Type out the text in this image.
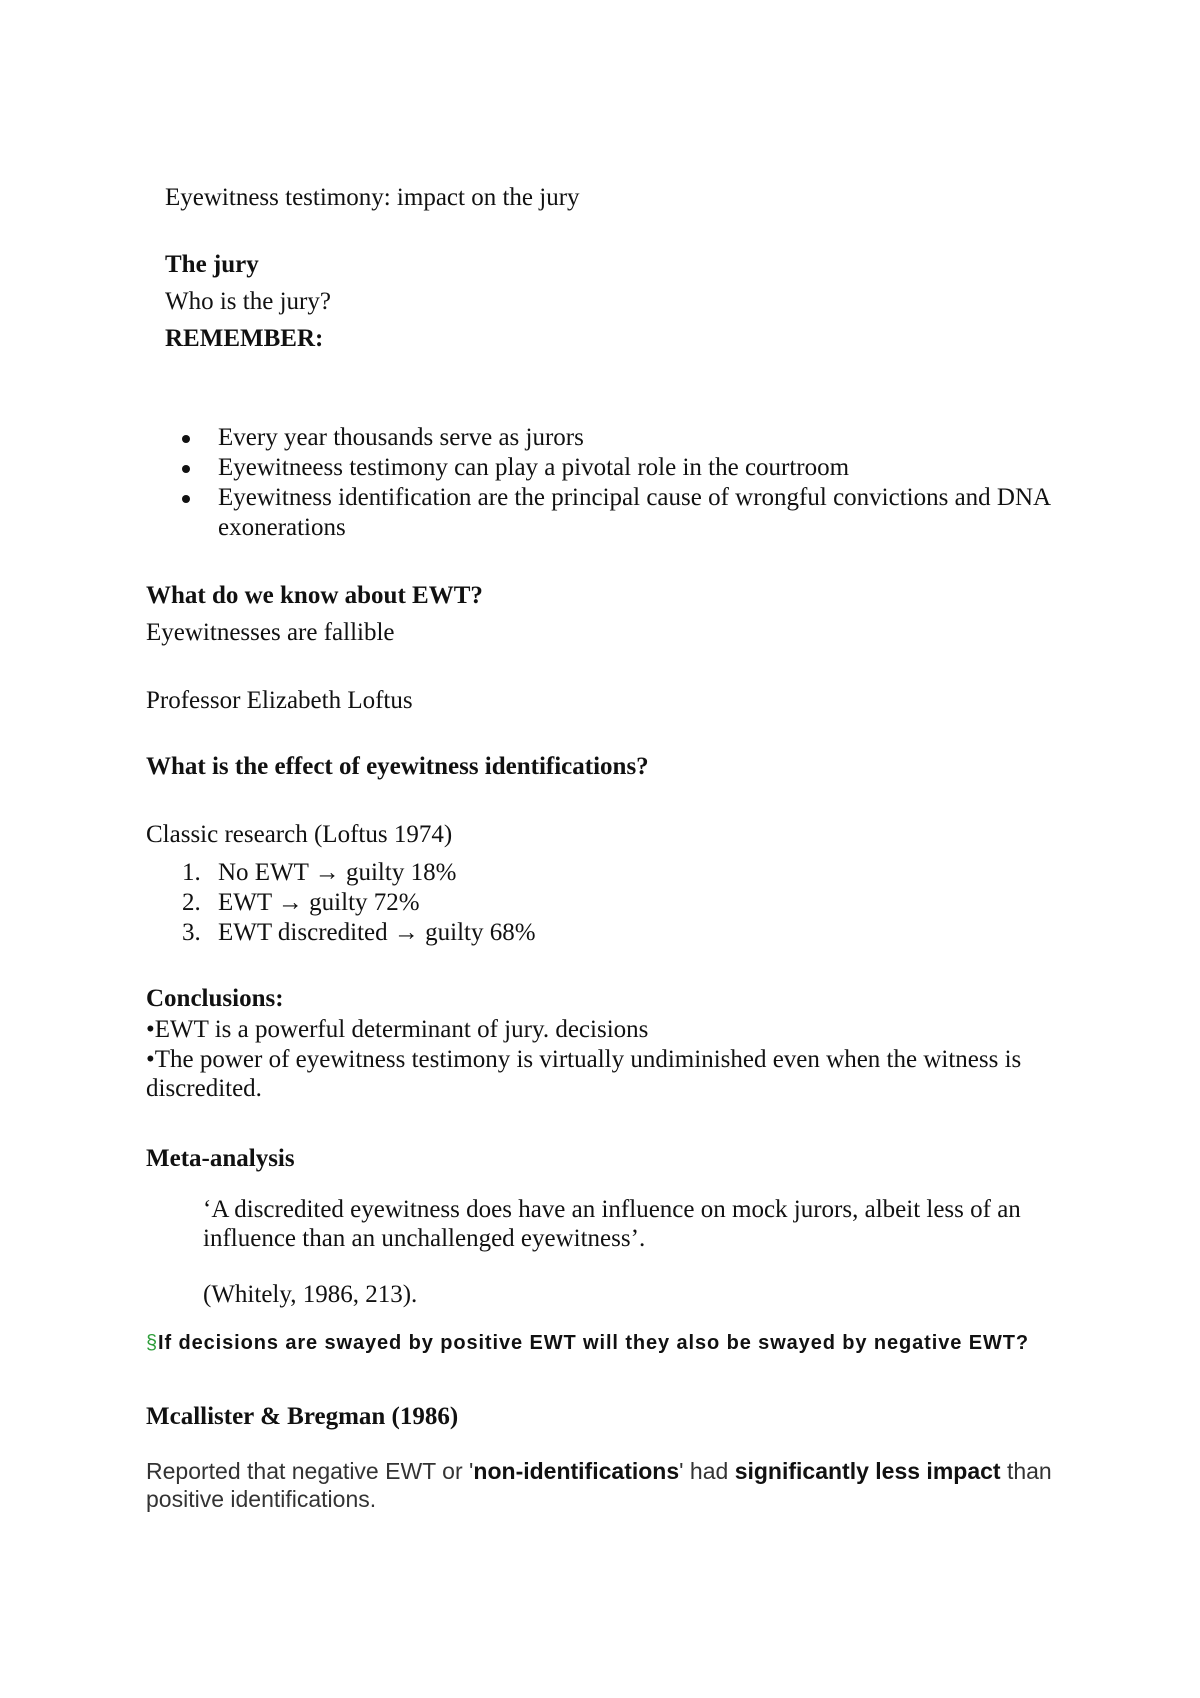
Eyewitness testimony: impact on the jury
The jury
Who is the jury?
REMEMBER:
Every year thousands serve as jurors
Eyewitneess testimony can play a pivotal role in the courtroom
Eyewitness identification are the principal cause of wrongful convictions and DNA exonerations
What do we know about EWT?
Eyewitnesses are fallible
Professor Elizabeth Loftus
What is the effect of eyewitness identifications?
Classic research (Loftus 1974)
1. No EWT → guilty 18%
2. EWT → guilty 72%
3. EWT discredited → guilty 68%
Conclusions:
•EWT is a powerful determinant of jury. decisions
•The power of eyewitness testimony is virtually undiminished even when the witness is discredited.
Meta-analysis
‘A discredited eyewitness does have an influence on mock jurors, albeit less of an influence than an unchallenged eyewitness’.
(Whitely, 1986, 213).
§If decisions are swayed by positive EWT will they also be swayed by negative EWT?
Mcallister & Bregman (1986)
Reported that negative EWT or 'non-identifications' had significantly less impact than positive identifications.
